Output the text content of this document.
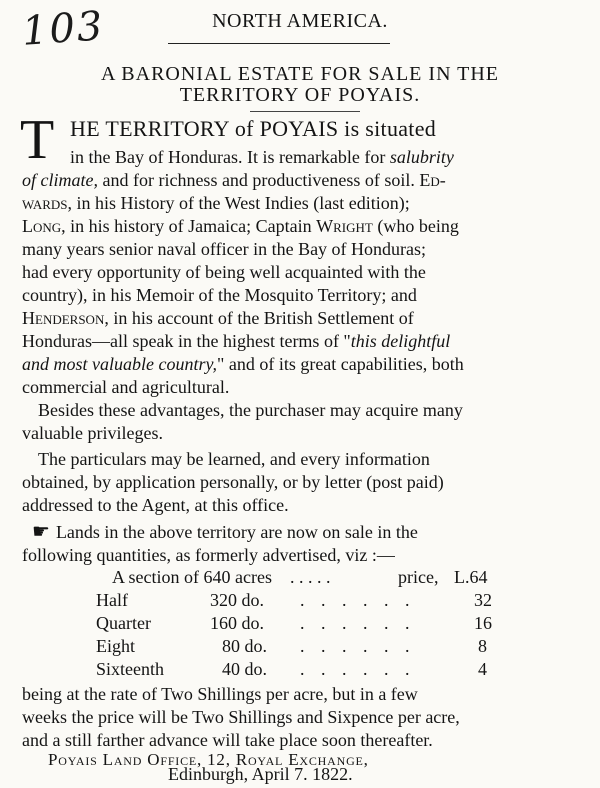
103	NORTH AMERICA.
A BARONIAL ESTATE FOR SALE IN THE
TERRITORY OF POYAIS.
T HE TERRITORY of POYAIS is situated
in the Bay of Honduras. It is remarkable for salubrity
of climate, and for richness and productiveness of soil. Ed-
wards, in his History of the West Indies (last edition);
Long, in his history of Jamaica; Captain Wright (who being
many years senior naval officer in the Bay of Honduras;
had every opportunity of being well acquainted with the
country), in his Memoir of the Mosquito Territory; and
Henderson, in his account of the British Settlement of
Honduras—all speak in the highest terms of "this delightful
and most valuable country," and of its great capabilities, both
commercial and agricultural.
Besides these advantages, the purchaser may acquire many
valuable privileges.
The particulars may be learned, and every information
obtained, by application personally, or by letter (post paid)
addressed to the Agent, at this office.
☛ Lands in the above territory are now on sale in the
following quantities, as formerly advertised, viz :—
A section of 640 acres . . . . .	price, L.64
Half	320 do. . . . . . .	32
Quarter	160 do. . . . . . .	16
Eight	80 do. . . . . . .	8
Sixteenth	40 do. . . . . . .	4
being at the rate of Two Shillings per acre, but in a few
weeks the price will be Two Shillings and Sixpence per acre,
and a still farther advance will take place soon thereafter.
Poyais Land Office, 12, Royal Exchange,
Edinburgh, April 7. 1822.
